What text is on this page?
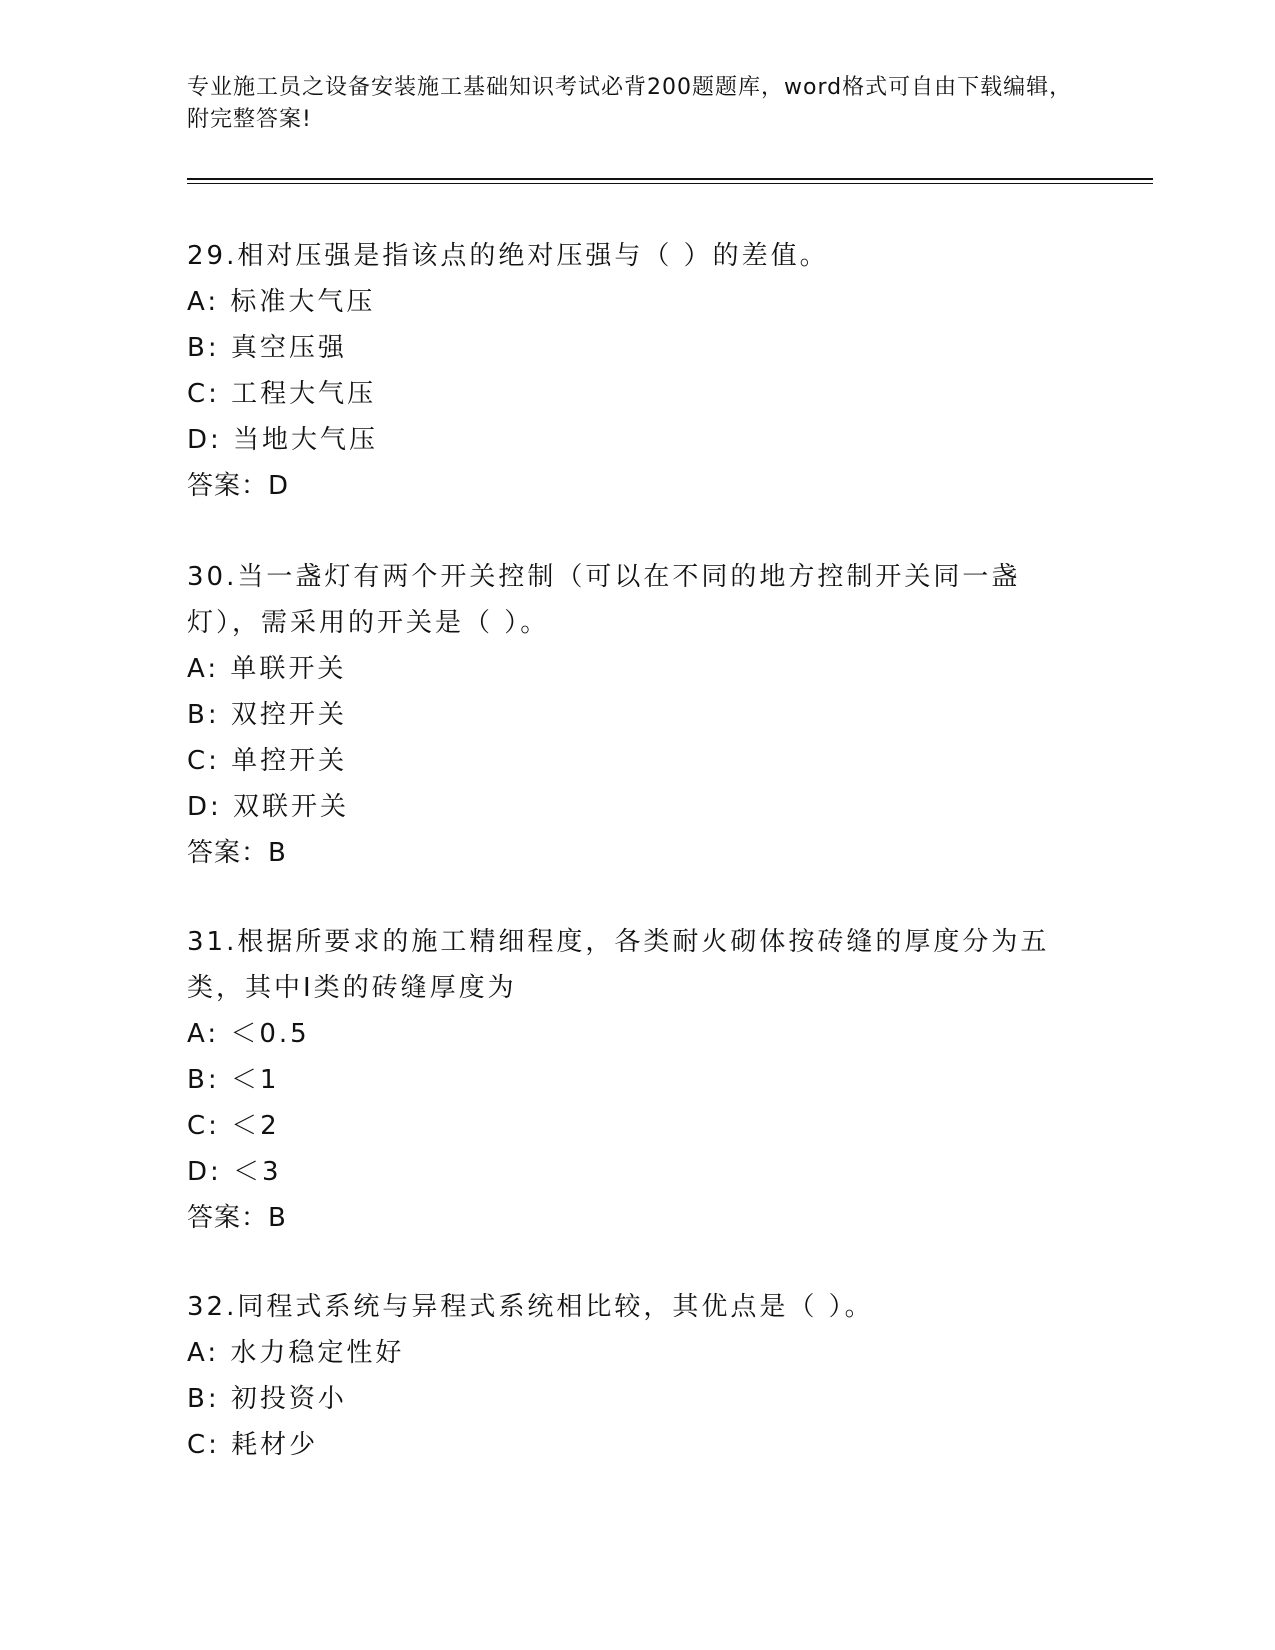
专业施工员之设备安装施工基础知识考试必背200题题库，word格式可自由下载编辑，附完整答案!
29.相对压强是指该点的绝对压强与（ ）的差值。
A: 标准大气压
B: 真空压强
C: 工程大气压
D: 当地大气压
答案：D
30.当一盏灯有两个开关控制（可以在不同的地方控制开关同一盏灯），需采用的开关是（ ）。
A: 单联开关
B: 双控开关
C: 单控开关
D: 双联开关
答案：B
31.根据所要求的施工精细程度，各类耐火砌体按砖缝的厚度分为五类，其中Ⅰ类的砖缝厚度为
A: ＜0.5
B: ＜1
C: ＜2
D: ＜3
答案：B
32.同程式系统与异程式系统相比较，其优点是（ ）。
A: 水力稳定性好
B: 初投资小
C: 耗材少
